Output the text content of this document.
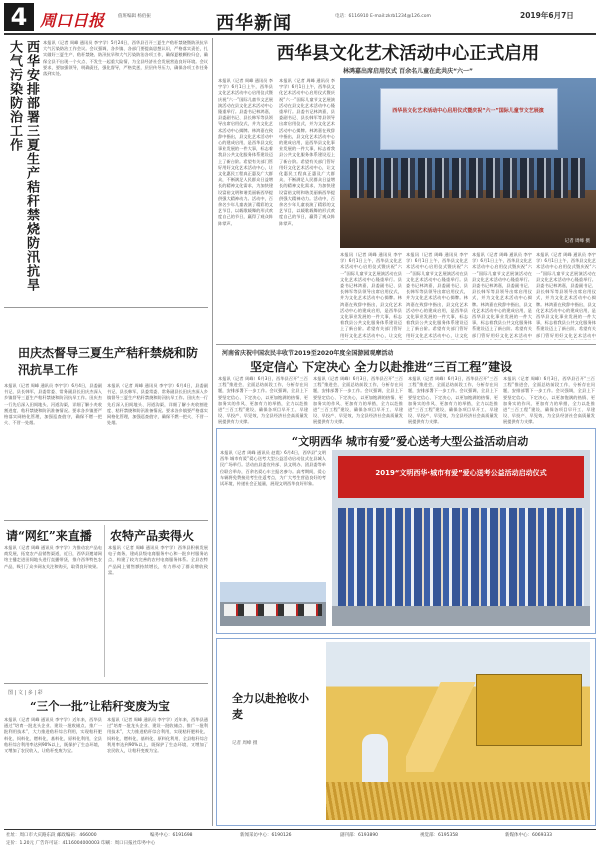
4 周口日报	值班编辑 杨佰振	西华新闻	电话：6116910 E-mail:zkrb1234@126.com	2019年6月7日
本报讯（记者 周峰 通讯员 李宇学）5月24日，西华县召开三夏生产秸秆禁烧暨防汛抗旱大气污染防治工作会议。会议强调，各乡镇、各部门要提高思想认识，严格落实责任，扎实做好三夏生产、秸秆禁烧、防汛抗旱和大气污染防治各项工作，确保夏粮颗粒归仓，确保全县不出现一个火点、不发生一起重大险情，为全县经济社会发展营造良好环境。会议要求，要加强领导，明确责任，强化督导，严格奖惩，层层传导压力，确保各项工作任务落到实处。
西华安排部署三夏生产秸秆禁烧防汛抗旱大气污染防治工作
田庆杰督导三夏生产秸秆禁烧和防汛抗旱工作
本报讯（记者 周峰 通讯员 李宇学）6月4日，县委副书记、县长韩军，县委常委、常务副县长田庆杰深入乡镇督导三夏生产秸秆禁烧和防汛抗旱工作。田庆杰一行先后深入田间地头、河道沟渠，详细了解小麦收割进度、秸秆禁烧和防汛准备情况。要求各乡镇要严格落实网格化管理，加强巡查值守，确保不燃一把火、不冒一处烟。
本报讯（记者 周峰 通讯员 李宇学）6月4日，县委副书记、县长韩军，县委常委、常务副县长田庆杰深入乡镇督导三夏生产秸秆禁烧和防汛抗旱工作。田庆杰一行先后深入田间地头、河道沟渠，详细了解小麦收割进度、秸秆禁烧和防汛准备情况。要求各乡镇要严格落实网格化管理，加强巡查值守，确保不燃一把火、不冒一处烟。
请“网红”来直播
本报讯（记者 周峰 通讯员 李宇学）为推动农产品电商发展，拓宽农产品销售渠道，近日，西华县邀请网络主播走进田间地头进行直播带货，推介西华特色农产品，吸引了众多网友关注和购买，取得良好效果。
农特产品卖得火
本报讯（记者 周峰 通讯员 李宇学）西华县积极发展电子商务，建成县级电商服务中心和一批乡村服务站点，构建了较为完善的农村电商服务体系。全县农特产品网上销售额持续增长，有力带动了群众增收致富。
图 | 文 | 多 | 彩
“三个一批”让秸秆变废为宝
本报讯（记者 周峰 通讯员 李宇学）近年来，西华县通过“培育一批龙头企业、建设一批收储点、推广一批利用技术”，大力推进秸秆综合利用，实现秸秆肥料化、饲料化、燃料化、基料化、原料化利用，全县秸秆综合利用率达到90%以上，既保护了生态环境，又增加了农民收入，让秸秆变废为宝。
本报讯（记者 周峰 通讯员 李宇学）近年来，西华县通过“培育一批龙头企业、建设一批收储点、推广一批利用技术”，大力推进秸秆综合利用，实现秸秆肥料化、饲料化、燃料化、基料化、原料化利用，全县秸秆综合利用率达到90%以上，既保护了生态环境，又增加了农民收入，让秸秆变废为宝。
西华县文化艺术活动中心正式启用
林鸿嘉出席启用仪式 百余名儿童在此共庆“六一”
西华县文化艺术活动中心启用仪式暨庆祝“六一”国际儿童节文艺展演
记者 周峰 摄
本报讯（记者 周峰 通讯员 李宇学）6月1日上午，西华县文化艺术活动中心启用仪式暨庆祝“六一”国际儿童节文艺展演活动在县文化艺术活动中心隆重举行。县委书记林鸿嘉，县委副书记、县长韩军等县领导出席启用仪式，并为文化艺术活动中心揭牌。林鸿嘉在致辞中指出，县文化艺术活动中心的建成启用，是西华县文化事业发展的一件大事，标志着我县公共文化服务体系建设迈上了新台阶。希望有关部门管好用好文化艺术活动中心，让文化惠民工程真正惠及广大群众，不断满足人民群众日益增长的精神文化需求，为加快建设富裕文明和谐美丽新西华提供强大精神动力。活动中，百余名少年儿童表演了精彩的文艺节目，以载歌载舞的形式欢度自己的节日，赢得了观众阵阵掌声。
本报讯（记者 周峰 通讯员 李宇学）6月1日上午，西华县文化艺术活动中心启用仪式暨庆祝“六一”国际儿童节文艺展演活动在县文化艺术活动中心隆重举行。县委书记林鸿嘉，县委副书记、县长韩军等县领导出席启用仪式，并为文化艺术活动中心揭牌。林鸿嘉在致辞中指出，县文化艺术活动中心的建成启用，是西华县文化事业发展的一件大事，标志着我县公共文化服务体系建设迈上了新台阶。希望有关部门管好用好文化艺术活动中心，让文化惠民工程真正惠及广大群众，不断满足人民群众日益增长的精神文化需求，为加快建设富裕文明和谐美丽新西华提供强大精神动力。活动中，百余名少年儿童表演了精彩的文艺节目，以载歌载舞的形式欢度自己的节日，赢得了观众阵阵掌声。
本报讯（记者 周峰 通讯员 李宇学）6月1日上午，西华县文化艺术活动中心启用仪式暨庆祝“六一”国际儿童节文艺展演活动在县文化艺术活动中心隆重举行。县委书记林鸿嘉，县委副书记、县长韩军等县领导出席启用仪式，并为文化艺术活动中心揭牌。林鸿嘉在致辞中指出，县文化艺术活动中心的建成启用，是西华县文化事业发展的一件大事，标志着我县公共文化服务体系建设迈上了新台阶。希望有关部门管好用好文化艺术活动中心，让文化
本报讯（记者 周峰 通讯员 李宇学）6月1日上午，西华县文化艺术活动中心启用仪式暨庆祝“六一”国际儿童节文艺展演活动在县文化艺术活动中心隆重举行。县委书记林鸿嘉，县委副书记、县长韩军等县领导出席启用仪式，并为文化艺术活动中心揭牌。林鸿嘉在致辞中指出，县文化艺术活动中心的建成启用，是西华县文化事业发展的一件大事，标志着我县公共文化服务体系建设迈上了新台阶。希望有关部门管好用好文化艺术活动中心，让文化
本报讯（记者 周峰 通讯员 李宇学）6月1日上午，西华县文化艺术活动中心启用仪式暨庆祝“六一”国际儿童节文艺展演活动在县文化艺术活动中心隆重举行。县委书记林鸿嘉，县委副书记、县长韩军等县领导出席启用仪式，并为文化艺术活动中心揭牌。林鸿嘉在致辞中指出，县文化艺术活动中心的建成启用，是西华县文化事业发展的一件大事，标志着我县公共文化服务体系建设迈上了新台阶。希望有关部门管好用好文化艺术活动中
本报讯（记者 周峰 通讯员 李宇学）6月1日上午，西华县文化艺术活动中心启用仪式暨庆祝“六一”国际儿童节文艺展演活动在县文化艺术活动中心隆重举行。县委书记林鸿嘉，县委副书记、县长韩军等县领导出席启用仪式，并为文化艺术活动中心揭牌。林鸿嘉在致辞中指出，县文化艺术活动中心的建成启用，是西华县文化事业发展的一件大事，标志着我县公共文化服务体系建设迈上了新台阶。希望有关部门管好用好文化艺术活动中
河南省庆祝中国农民丰收节2019至2020年度全国游园观摩活动
坚定信心 下定决心 全力以赴推进“三百工程”建设
本报讯（记者 周峰）6月3日，西华县召开“三百工程”推进会，全面总结前段工作，分析存在问题，安排部署下一步工作。会议强调，全县上下要坚定信心、下定决心，以更加饱满的热情、更加务实的作风、更加有力的举措，全力以赴推进“三百工程”建设，确保各项目早开工、早建设、早投产、早见效，为全县经济社会高质量发展提供有力支撑。
本报讯（记者 周峰）6月3日，西华县召开“三百工程”推进会，全面总结前段工作，分析存在问题，安排部署下一步工作。会议强调，全县上下要坚定信心、下定决心，以更加饱满的热情、更加务实的作风、更加有力的举措，全力以赴推进“三百工程”建设，确保各项目早开工、早建设、早投产、早见效，为全县经济社会高质量发展提供有力支撑。
本报讯（记者 周峰）6月3日，西华县召开“三百工程”推进会，全面总结前段工作，分析存在问题，安排部署下一步工作。会议强调，全县上下要坚定信心、下定决心，以更加饱满的热情、更加务实的作风、更加有力的举措，全力以赴推进“三百工程”建设，确保各项目早开工、早建设、早投产、早见效，为全县经济社会高质量发展提供有力支撑。
本报讯（记者 周峰）6月3日，西华县召开“三百工程”推进会，全面总结前段工作，分析存在问题，安排部署下一步工作。会议强调，全县上下要坚定信心、下定决心，以更加饱满的热情、更加务实的作风、更加有力的举措，全力以赴推进“三百工程”建设，确保各项目早开工、早建设、早投产、早见效，为全县经济社会高质量发展提供有力支撑。
“文明西华 城市有爱”爱心送考大型公益活动启动
本报讯（记者 周峰 通讯员 赵霞）6月4日，西华县“文明西华 城市有爱”爱心送考大型公益活动启动仪式在县城人民广场举行。活动由县委宣传部、县文明办、团县委等单位联合举办，百余名爱心车主报名参与。高考期间，爱心车辆将免费接送考生往返考点，为广大考生营造良好的考试环境，传递社会正能量，展现文明西华良好形象。
2019“文明西华·城市有爱”爱心送考公益活动启动仪式
全力以赴抢收小麦
记者 周峰 摄
社址：周口市大庆路东段 邮政编码：466000	编务中心：6191698	新闻采访中心：6190126	副刊部：6193890	视觉部：6195358	新媒体中心：6069333
定价：1.20元 广告许可证：4116004000003 印刷：周口日报社印务中心
